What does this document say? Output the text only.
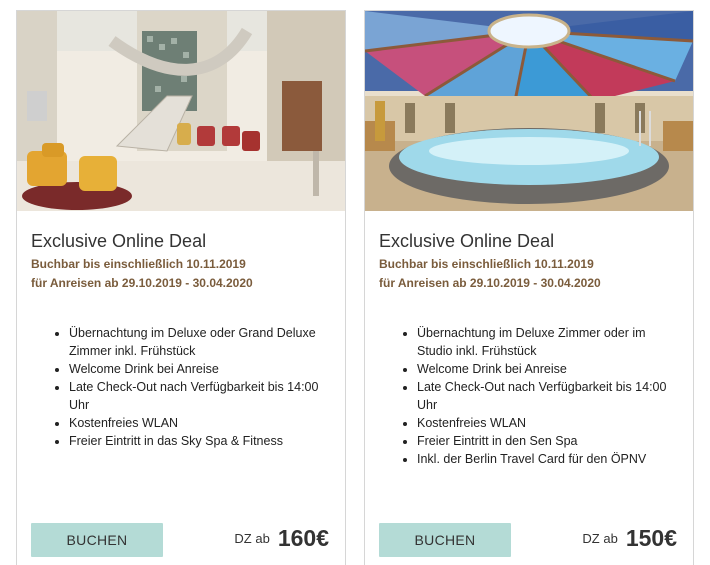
Exclusive Online Deal

Buchbar bis einschließlich 10.11.2019

für Anreisen ab 29.10.2019 - 30.04.2020

• Übernachtung im Deluxe oder Grand Deluxe Zimmer inkl. Frühstück
• Welcome Drink bei Anreise
• Late Check-Out nach Verfügbarkeit bis 14:00 Uhr
• Kostenfreies WLAN
• Freier Eintritt in das Sky Spa & Fitness
BUCHEN	DZ ab 160€
Exclusive Online Deal

Buchbar bis einschließlich 10.11.2019

für Anreisen ab 29.10.2019 - 30.04.2020

• Übernachtung im Deluxe Zimmer oder im Studio inkl. Frühstück
• Welcome Drink bei Anreise
• Late Check-Out nach Verfügbarkeit bis 14:00 Uhr
• Kostenfreies WLAN
• Freier Eintritt in den Sen Spa
• Inkl. der Berlin Travel Card für den ÖPNV
BUCHEN	DZ ab 150€
